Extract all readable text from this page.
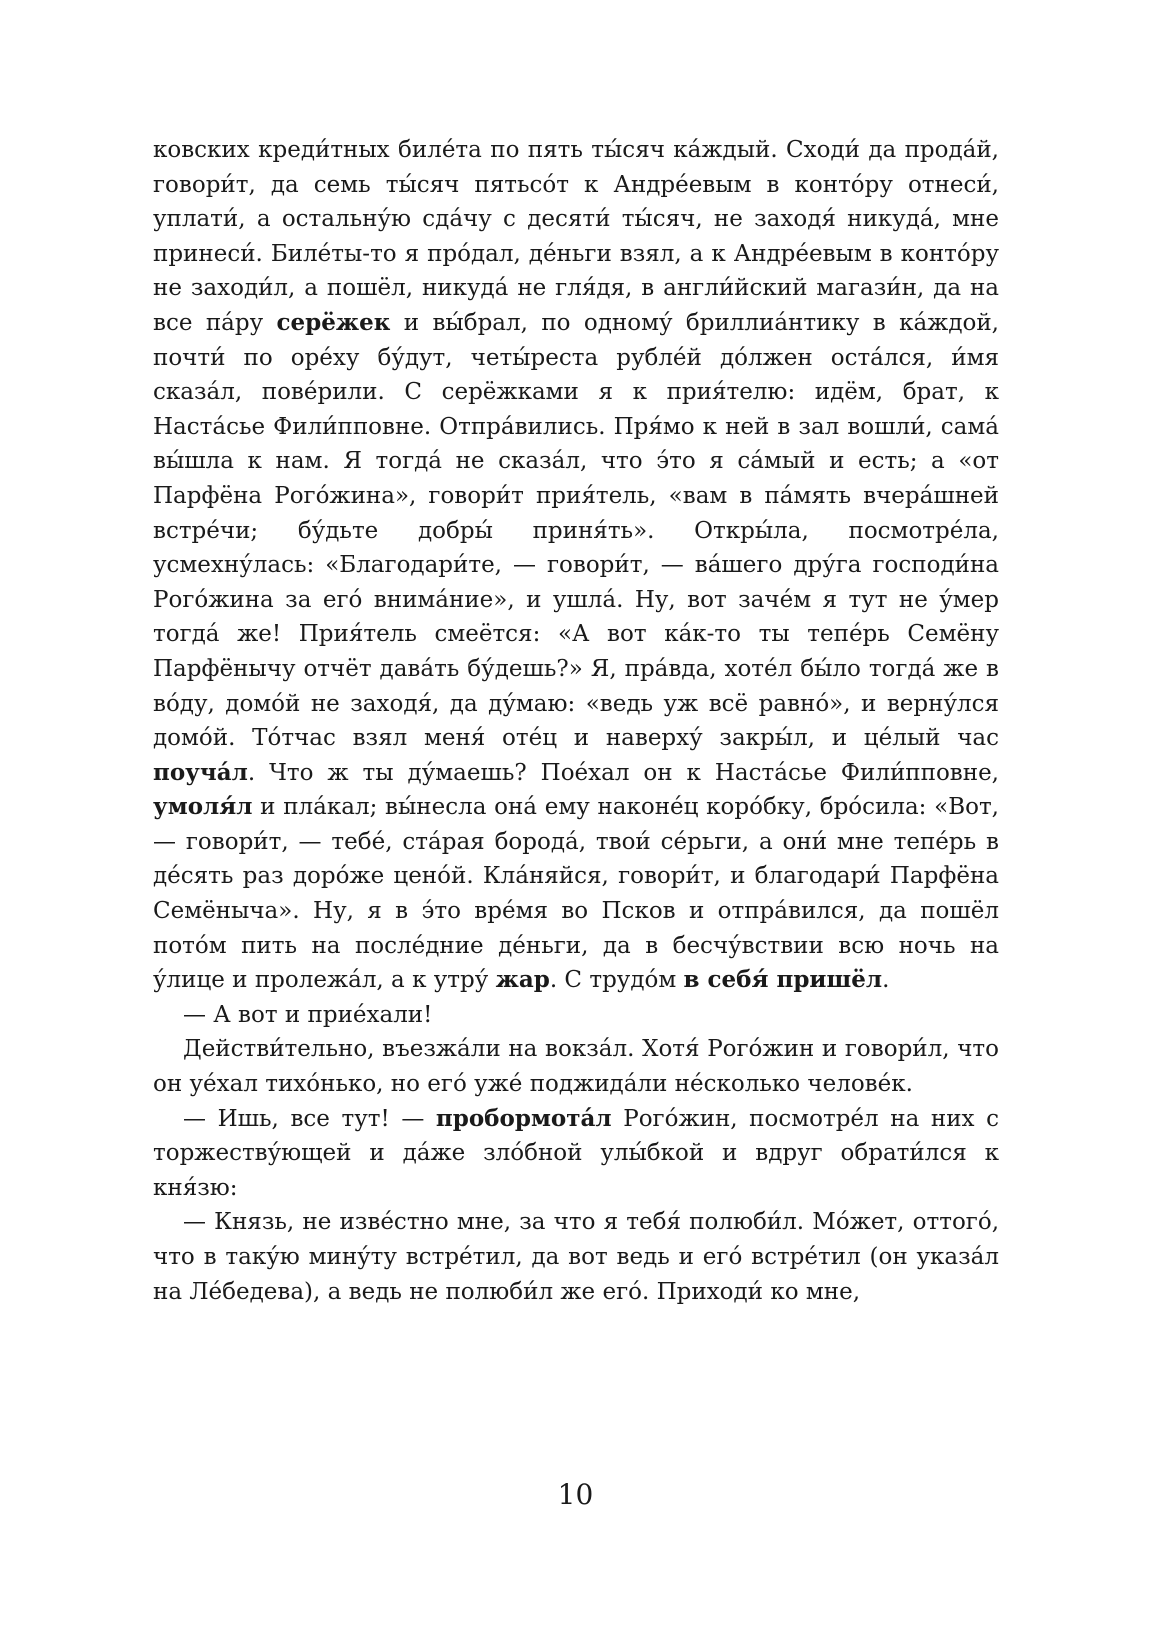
ковских креди́тных биле́та по пять ты́сяч ка́ждый. Сходи́ да прода́й, говори́т, да семь ты́сяч пятьсо́т к Андре́евым в конто́ру отнеси́, уплати́, а остальну́ю сда́чу с десяти́ ты́сяч, не заходя́ никуда́, мне принеси́. Биле́ты-то я про́дал, де́ньги взял, а к Андре́евым в конто́ру не заходи́л, а пошёл, никуда́ не гля́дя, в англи́йский магази́н, да на все па́ру серёжек и вы́брал, по одному́ бриллиа́нтику в ка́ждой, почти́ по оре́ху бу́дут, четы́реста рубле́й до́лжен оста́лся, и́мя сказа́л, пове́рили. С серёжками я к прия́телю: идём, брат, к Наста́сье Фили́пповне. Отпра́вились. Пря́мо к ней в зал вошли́, сама́ вы́шла к нам. Я тогда́ не сказа́л, что э́то я са́мый и есть; а «от Парфёна Рого́жина», говори́т прия́тель, «вам в па́мять вчера́шней встре́чи; бу́дьте добры́ приня́ть». Откры́ла, посмотре́ла, усмехну́лась: «Благодари́те, — говори́т, — ва́шего дру́га господи́на Рого́жина за его́ внима́ние», и ушла́. Ну, вот заче́м я тут не у́мер тогда́ же! Прия́тель смеётся: «А вот ка́к-то ты тепе́рь Семёну Парфёнычу отчёт дава́ть бу́дешь?» Я, пра́вда, хоте́л бы́ло тогда́ же в во́ду, домо́й не заходя́, да ду́маю: «ведь уж всё равно́», и верну́лся домо́й. То́тчас взял меня́ оте́ц и наверху́ закры́л, и це́лый час поуча́л. Что ж ты ду́маешь? Пое́хал он к Наста́сье Фили́пповне, умоля́л и пла́кал; вы́несла она́ ему наконе́ц коро́бку, бро́сила: «Вот, — говори́т, — тебе́, ста́рая борода́, твои́ се́рьги, а они́ мне тепе́рь в де́сять раз доро́же цено́й. Кла́няйся, говори́т, и благодари́ Парфёна Семёныча». Ну, я в э́то вре́мя во Псков и отпра́вился, да пошёл пото́м пить на после́дние де́ньги, да в бесчу́вствии всю ночь на у́лице и пролежа́л, а к утру́ жар. С трудо́м в себя́ пришёл.

— А вот и прие́хали!

Действи́тельно, въезжа́ли на вокза́л. Хотя́ Рого́жин и говори́л, что он уе́хал тихо́нько, но его́ уже́ поджида́ли не́сколько челове́к.

— Ишь, все тут! — пробормота́л Рого́жин, посмотре́л на них с торжеству́ющей и да́же зло́бной улы́бкой и вдруг обрати́лся к кня́зю:

— Князь, не изве́стно мне, за что я тебя́ полюби́л. Мо́жет, оттого́, что в таку́ю мину́ту встре́тил, да вот ведь и его́ встре́тил (он указа́л на Ле́бедева), а ведь не полюби́л же его́. Приходи́ ко мне,

10
